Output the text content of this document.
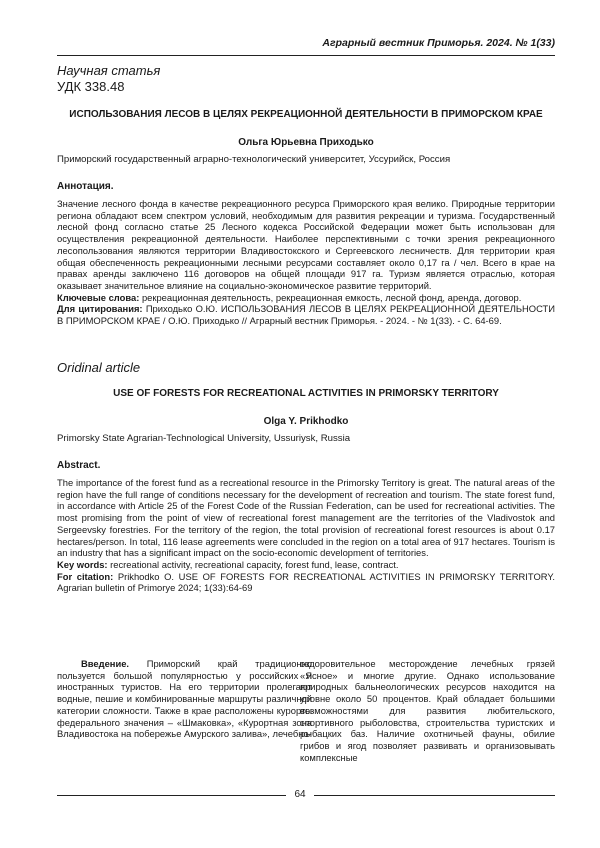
Аграрный вестник Приморья. 2024. № 1(33)
Научная статья
УДК 338.48
ИСПОЛЬЗОВАНИЯ ЛЕСОВ В ЦЕЛЯХ РЕКРЕАЦИОННОЙ ДЕЯТЕЛЬНОСТИ В ПРИМОРСКОМ КРАЕ
Ольга Юрьевна Приходько
Приморский государственный аграрно-технологический университет, Уссурийск, Россия
Аннотация.
Значение лесного фонда в качестве рекреационного ресурса Приморского края велико. Природные территории региона обладают всем спектром условий, необходимым для развития рекреации и туризма. Государственный лесной фонд согласно статье 25 Лесного кодекса Российской Федерации может быть использован для осуществления рекреационной деятельности. Наиболее перспективными с точки зрения рекреационного лесопользования являются территории Владивостокского и Сергеевского лесничеств. Для территории края общая обеспеченность рекреационными лесными ресурсами составляет около 0,17 га / чел. Всего в крае на правах аренды заключено 116 договоров на общей площади 917 га. Туризм является отраслью, которая оказывает значительное влияние на социально-экономическое развитие территорий.
Ключевые слова: рекреационная деятельность, рекреационная емкость, лесной фонд, аренда, договор.
Для цитирования: Приходько О.Ю. ИСПОЛЬЗОВАНИЯ ЛЕСОВ В ЦЕЛЯХ РЕКРЕАЦИОННОЙ ДЕЯТЕЛЬНОСТИ В ПРИМОРСКОМ КРАЕ / О.Ю. Приходько // Аграрный вестник Приморья. - 2024. - № 1(33). - С. 64-69.
Oridinal article
USE OF FORESTS FOR RECREATIONAL ACTIVITIES IN PRIMORSKY TERRITORY
Olga Y. Prikhodko
Primorsky State Agrarian-Technological University, Ussuriysk, Russia
Abstract.
The importance of the forest fund as a recreational resource in the Primorsky Territory is great. The natural areas of the region have the full range of conditions necessary for the development of recreation and tourism. The state forest fund, in accordance with Article 25 of the Forest Code of the Russian Federation, can be used for recreational activities. The most promising from the point of view of recreational forest management are the territories of the Vladivostok and Sergeevsky forestries. For the territory of the region, the total provision of recreational forest resources is about 0.17 hectares/person. In total, 116 lease agreements were concluded in the region on a total area of 917 hectares. Tourism is an industry that has a significant impact on the socio-economic development of territories.
Key words: recreational activity, recreational capacity, forest fund, lease, contract.
For citation: Prikhodko O. USE OF FORESTS FOR RECREATIONAL ACTIVITIES IN PRIMORSKY TERRITORY. Agrarian bulletin of Primorye 2024; 1(33):64-69
Введение. Приморский край традиционно пользуется большой популярностью у российских и иностранных туристов. На его территории пролегают водные, пешие и комбинированные маршруты различной категории сложности. Также в крае расположены курорты федерального значения – «Шмаковка», «Курортная зона Владивостока на побережье Амурского залива», лечебно-
оздоровительное месторождение лечебных грязей «Ясное» и многие другие. Однако использование природных бальнеологических ресурсов находится на уровне около 50 процентов. Край обладает большими возможностями для развития любительского, спортивного рыболовства, строительства туристских и рыбацких баз. Наличие охотничьей фауны, обилие грибов и ягод позволяет развивать и организовывать комплексные
64
